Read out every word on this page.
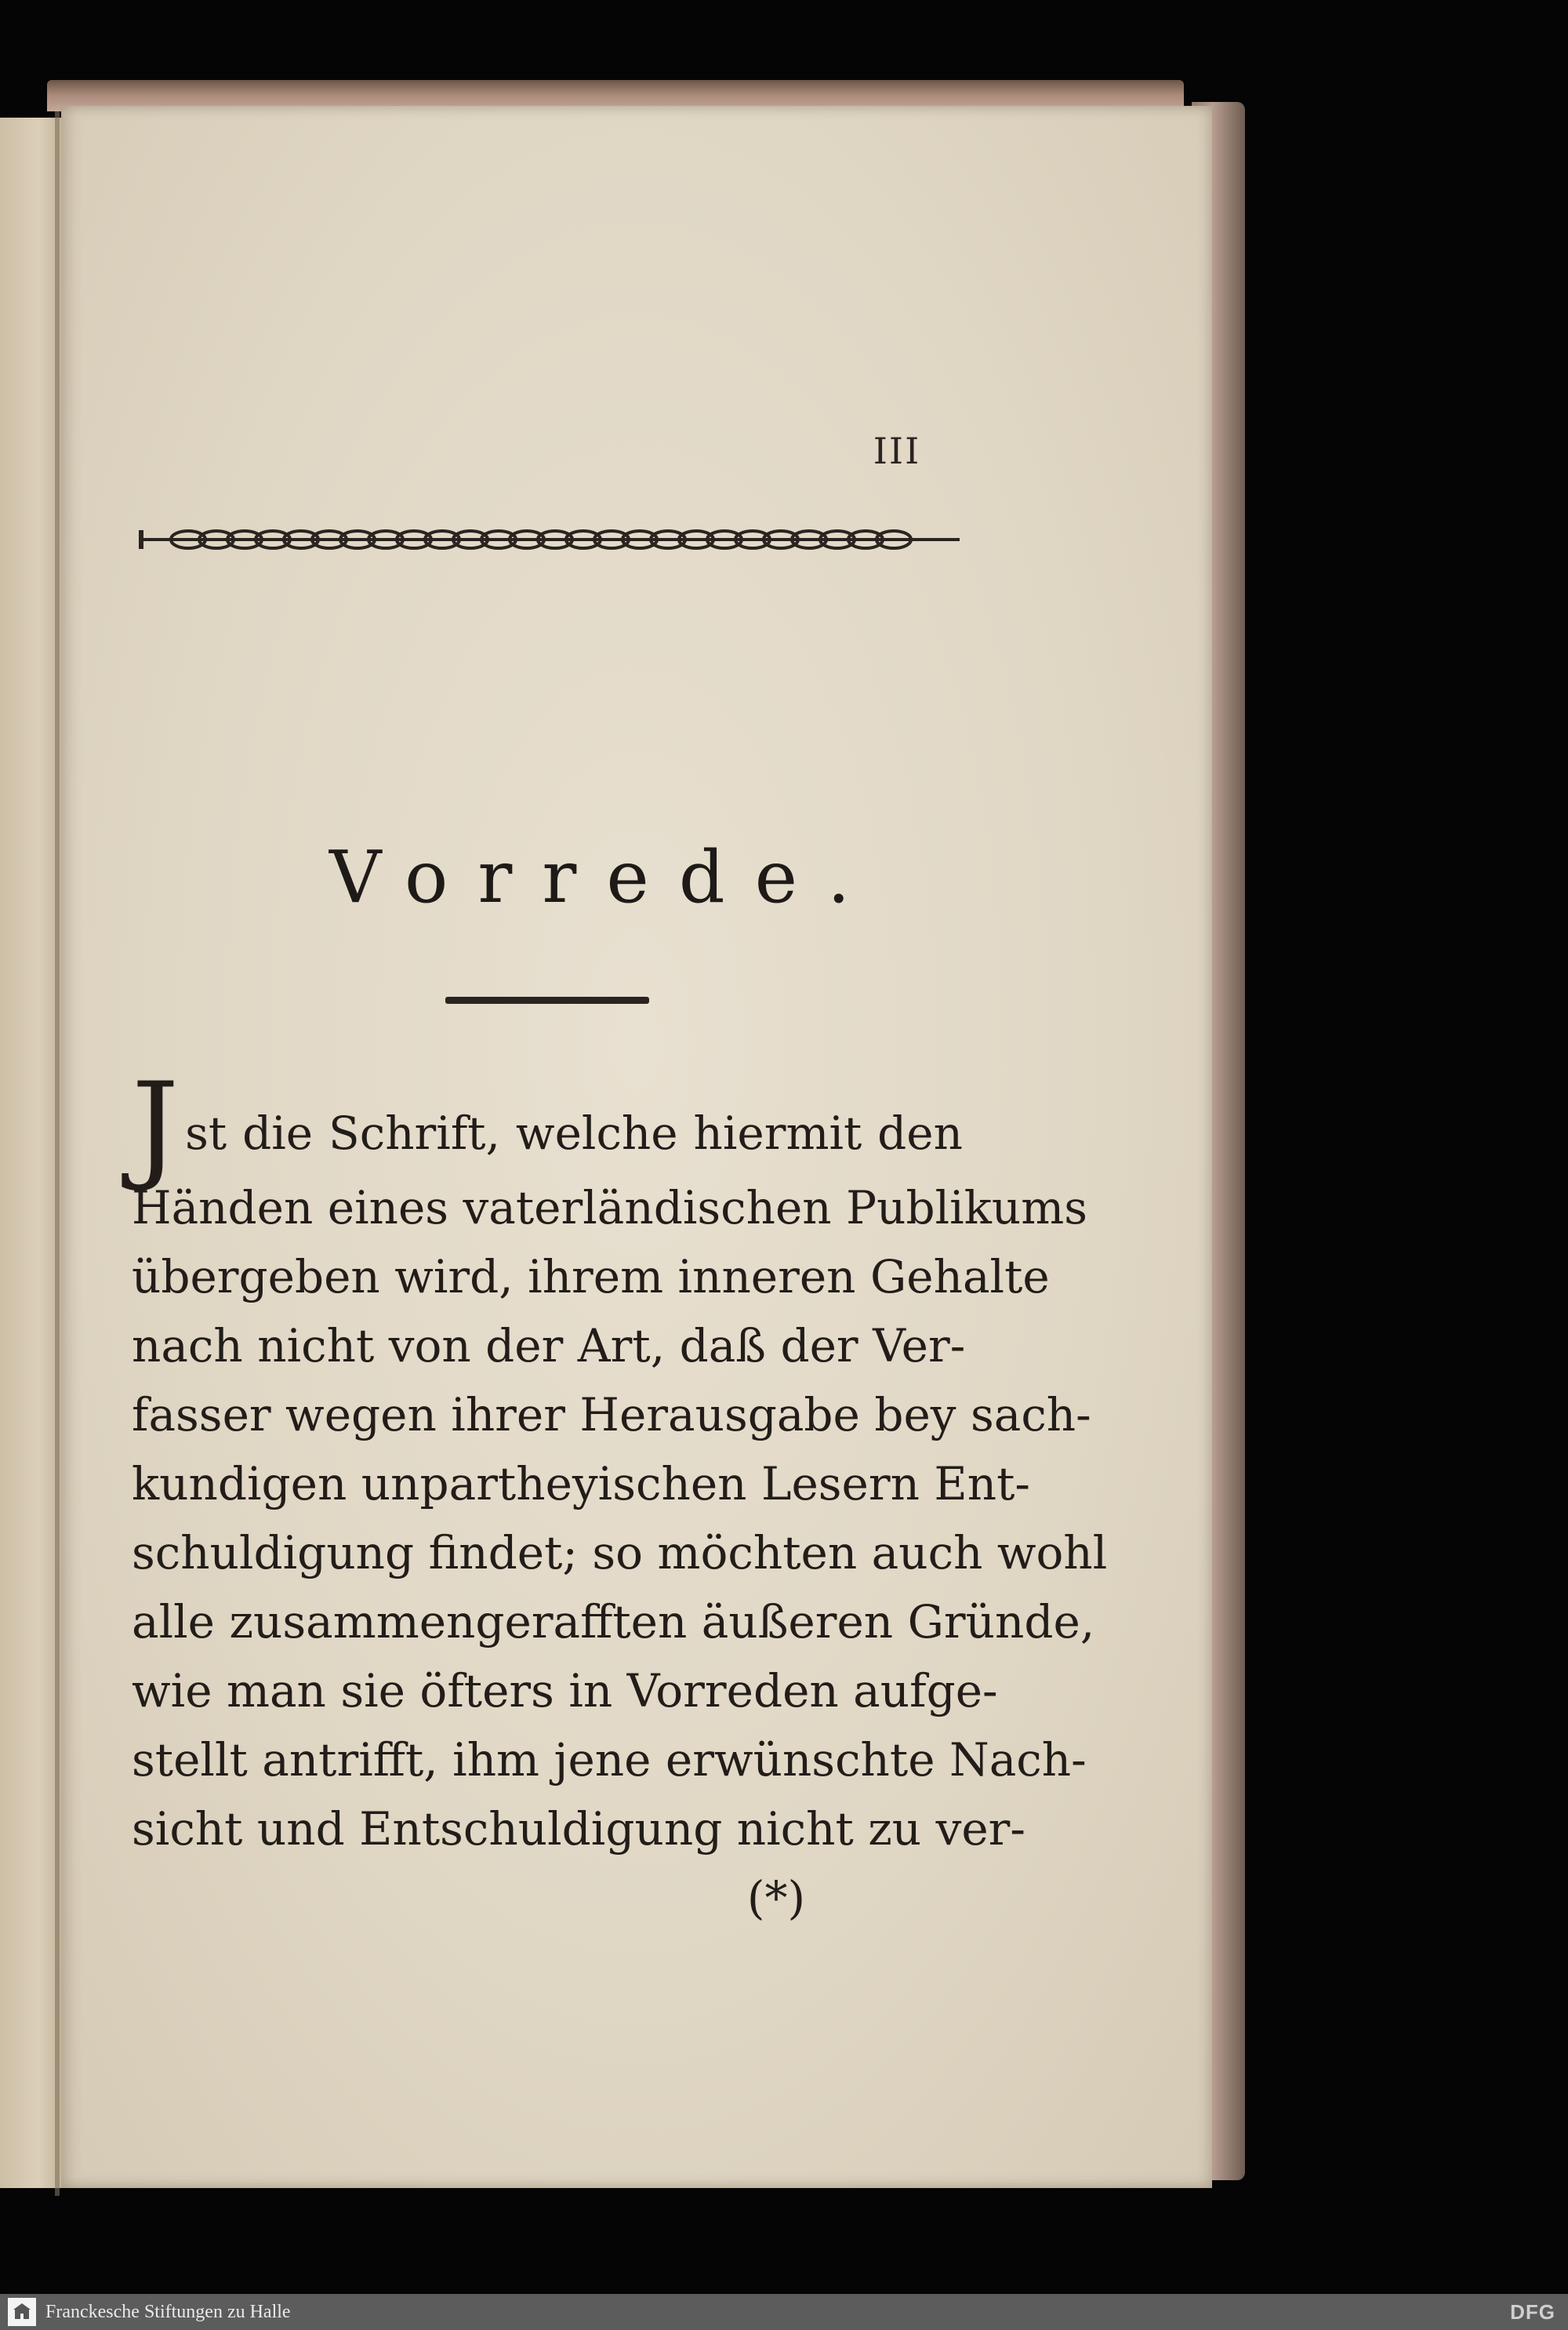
III
Vorrede.
Jst die Schrift, welche hiermit den
Händen eines vaterländischen Publikums
übergeben wird, ihrem inneren Gehalte
nach nicht von der Art, daß der Ver-
fasser wegen ihrer Herausgabe bey sach-
kundigen unpartheyischen Lesern Ent-
schuldigung findet; so möchten auch wohl
alle zusammengerafften äußeren Gründe,
wie man sie öfters in Vorreden aufge-
stellt antrifft, ihm jene erwünschte Nach-
sicht und Entschuldigung nicht zu ver-
(*)
Franckesche Stiftungen zu Halle	DFG
